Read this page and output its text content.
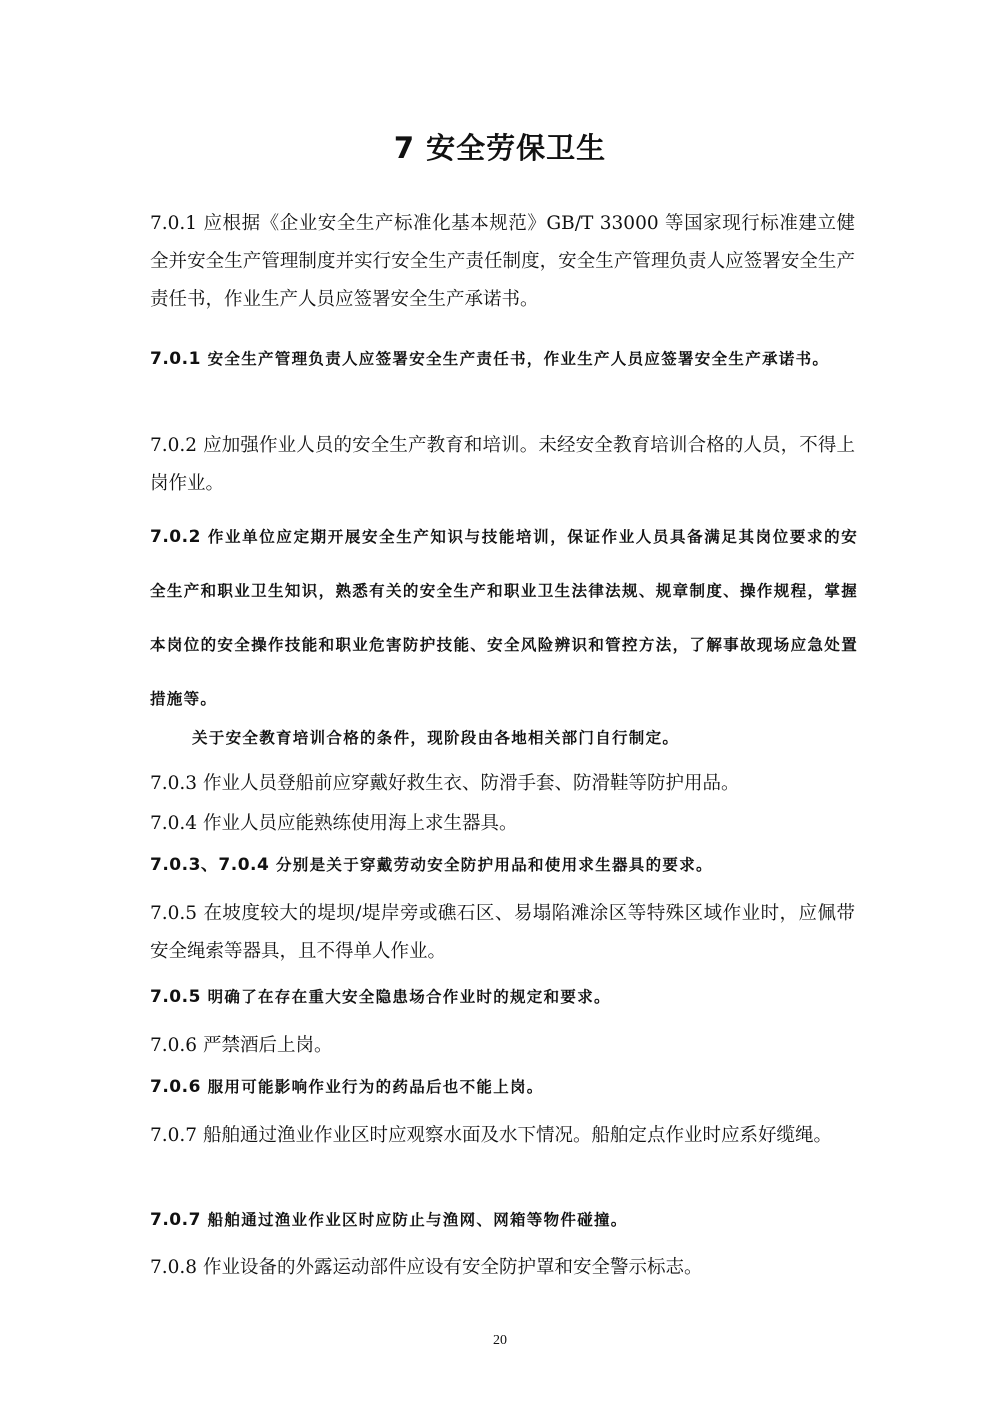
7 安全劳保卫生
7.0.1 应根据《企业安全生产标准化基本规范》GB/T 33000 等国家现行标准建立健全并安全生产管理制度并实行安全生产责任制度，安全生产管理负责人应签署安全生产责任书，作业生产人员应签署安全生产承诺书。
7.0.1 安全生产管理负责人应签署安全生产责任书，作业生产人员应签署安全生产承诺书。
7.0.2 应加强作业人员的安全生产教育和培训。未经安全教育培训合格的人员，不得上岗作业。
7.0.2 作业单位应定期开展安全生产知识与技能培训，保证作业人员具备满足其岗位要求的安全生产和职业卫生知识，熟悉有关的安全生产和职业卫生法律法规、规章制度、操作规程，掌握本岗位的安全操作技能和职业危害防护技能、安全风险辨识和管控方法，了解事故现场应急处置措施等。
关于安全教育培训合格的条件，现阶段由各地相关部门自行制定。
7.0.3 作业人员登船前应穿戴好救生衣、防滑手套、防滑鞋等防护用品。
7.0.4 作业人员应能熟练使用海上求生器具。
7.0.3、7.0.4 分别是关于穿戴劳动安全防护用品和使用求生器具的要求。
7.0.5 在坡度较大的堤坝/堤岸旁或礁石区、易塌陷滩涂区等特殊区域作业时，应佩带安全绳索等器具，且不得单人作业。
7.0.5 明确了在存在重大安全隐患场合作业时的规定和要求。
7.0.6 严禁酒后上岗。
7.0.6 服用可能影响作业行为的药品后也不能上岗。
7.0.7 船舶通过渔业作业区时应观察水面及水下情况。船舶定点作业时应系好缆绳。
7.0.7 船舶通过渔业作业区时应防止与渔网、网箱等物件碰撞。
7.0.8 作业设备的外露运动部件应设有安全防护罩和安全警示标志。
20
